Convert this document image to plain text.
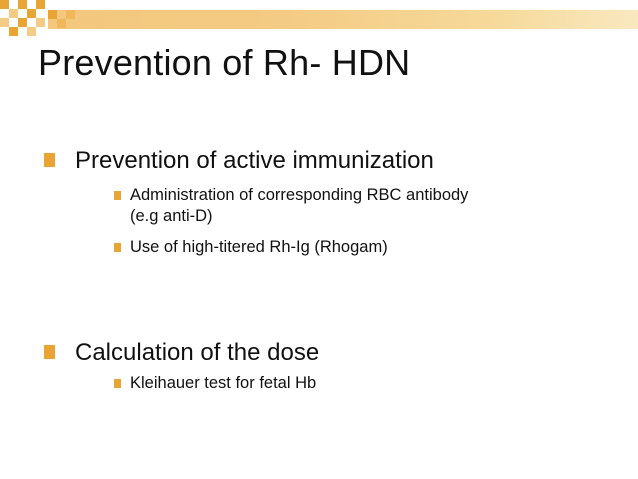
Prevention of Rh- HDN
Prevention of active immunization
Administration of corresponding RBC antibody
(e.g anti-D)
Use of high-titered Rh-Ig (Rhogam)
Calculation of the dose
Kleihauer test for fetal Hb
